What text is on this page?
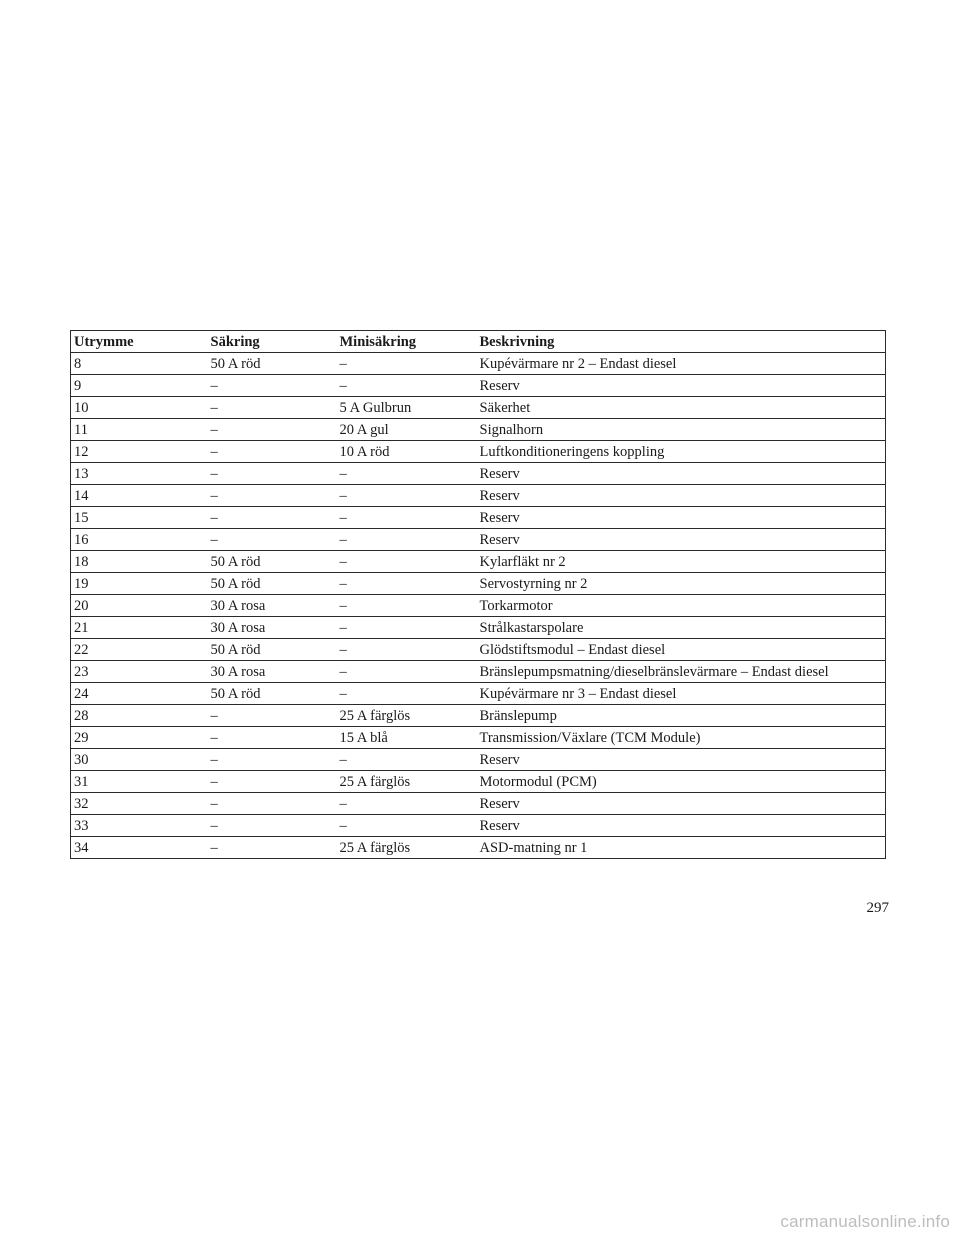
Utrymme	Säkring	Minisäkring	Beskrivning
8	50 A röd	–	Kupévärmare nr 2 – Endast diesel
9	–	–	Reserv
10	–	5 A Gulbrun	Säkerhet
11	–	20 A gul	Signalhorn
12	–	10 A röd	Luftkonditioneringens koppling
13	–	–	Reserv
14	–	–	Reserv
15	–	–	Reserv
16	–	–	Reserv
18	50 A röd	–	Kylarfläkt nr 2
19	50 A röd	–	Servostyrning nr 2
20	30 A rosa	–	Torkarmotor
21	30 A rosa	–	Strålkastarspolare
22	50 A röd	–	Glödstiftsmodul – Endast diesel
23	30 A rosa	–	Bränslepumpsmatning/dieselbränslevärmare – Endast diesel
24	50 A röd	–	Kupévärmare nr 3 – Endast diesel
28	–	25 A färglös	Bränslepump
29	–	15 A blå	Transmission/Växlare (TCM Module)
30	–	–	Reserv
31	–	25 A färglös	Motormodul (PCM)
32	–	–	Reserv
33	–	–	Reserv
34	–	25 A färglös	ASD-matning nr 1
297
carmanualsonline.info
